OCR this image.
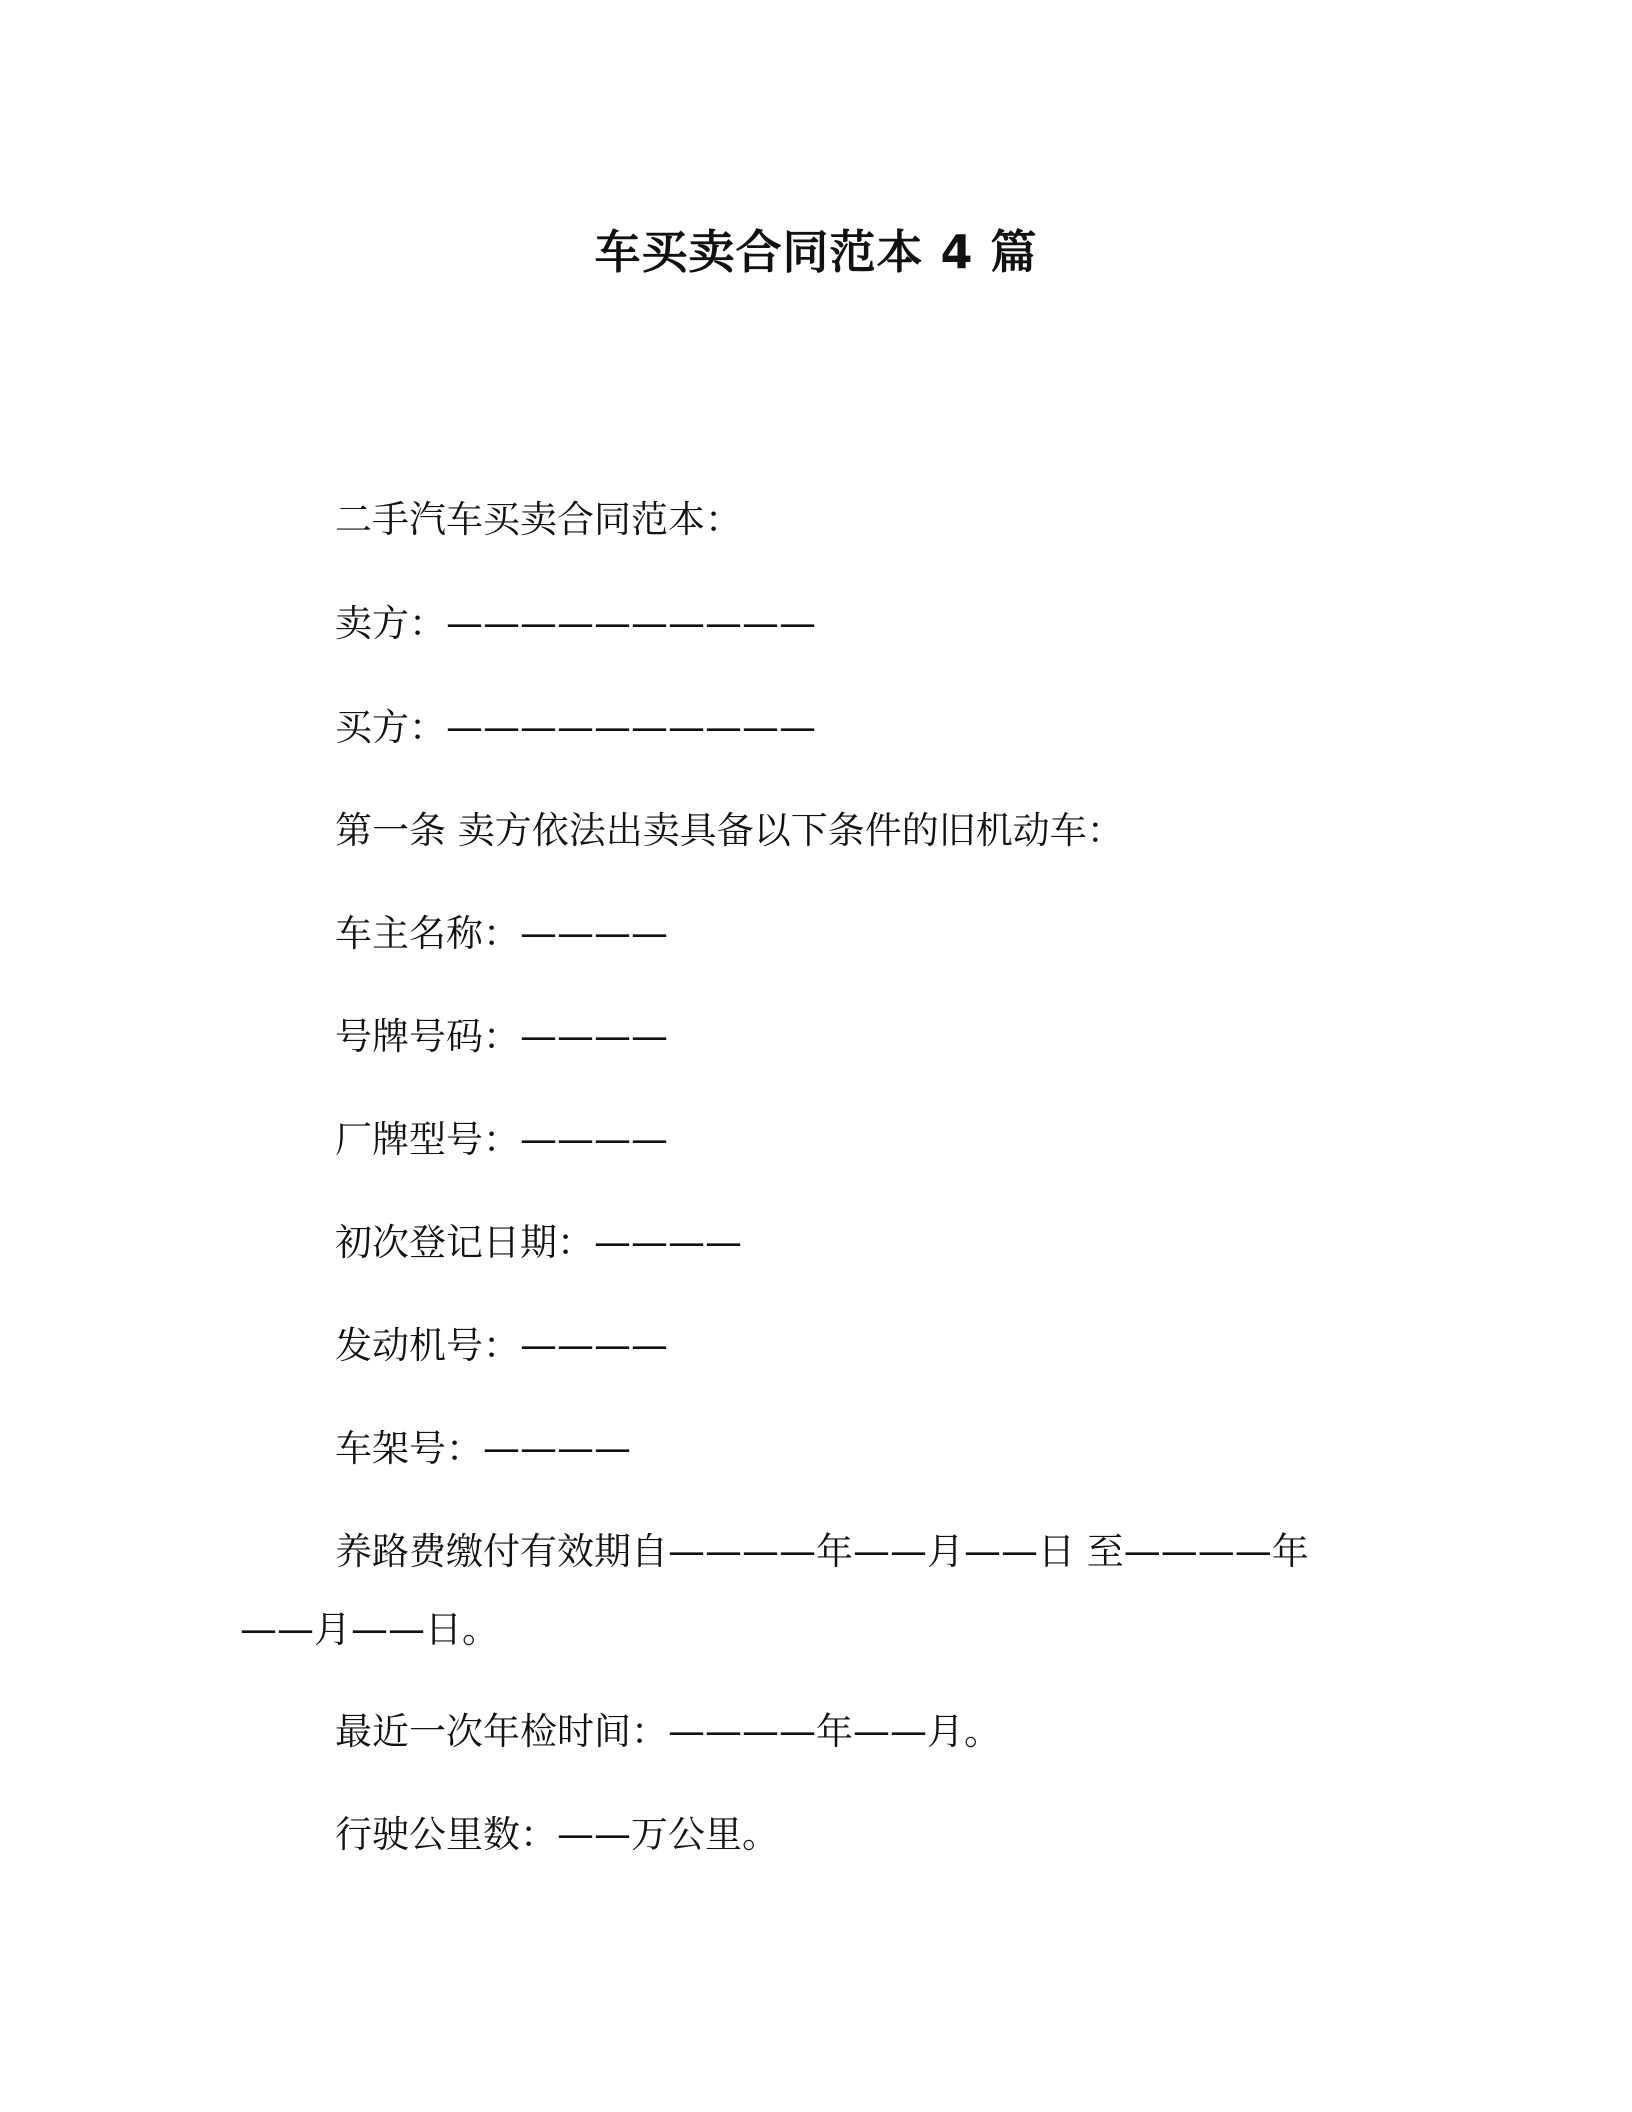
车买卖合同范本 4 篇
二手汽车买卖合同范本：
卖方：——————————
买方：——————————
第一条 卖方依法出卖具备以下条件的旧机动车：
车主名称：————
号牌号码：————
厂牌型号：————
初次登记日期：————
发动机号：————
车架号：————
养路费缴付有效期自————年——月——日 至————年——月——日。
最近一次年检时间：————年——月。
行驶公里数：——万公里。
